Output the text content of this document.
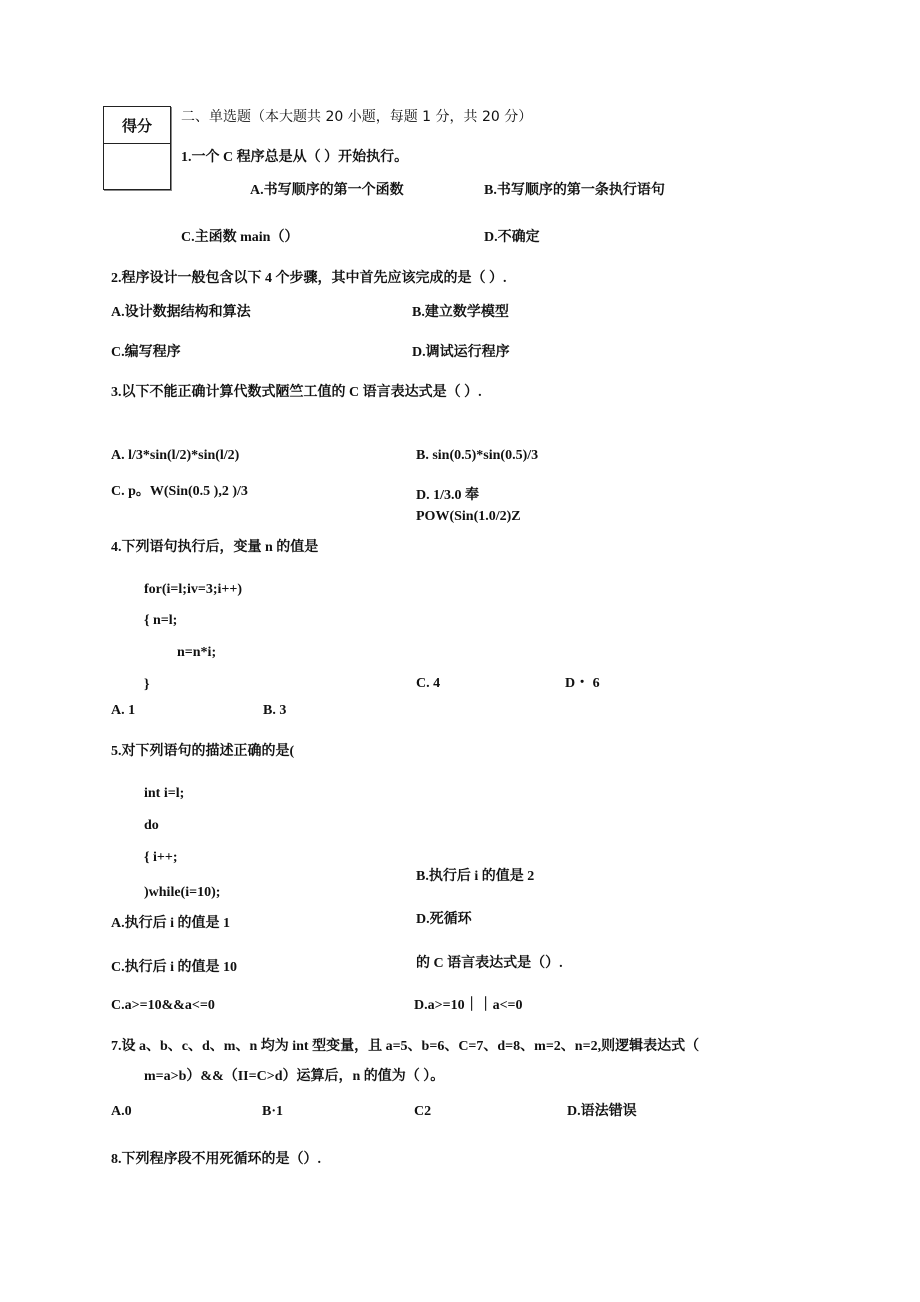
得分	二、单选题（本大题共 20 小题，每题 1 分，共 20 分）
1.一个 C 程序总是从（ ）开始执行。
A.书写顺序的第一个函数	B.书写顺序的第一条执行语句
C.主函数 main（）	D.不确定
2.程序设计一般包含以下 4 个步骤，其中首先应该完成的是（ ）.
A.设计数据结构和算法	B.建立数学模型
C.编写程序	D.调试运行程序
3.以下不能正确计算代数式陋竺工值的 C 语言表达式是（ ）.
A. l/3*sin(l/2)*sin(l/2)	B. sin(0.5)*sin(0.5)/3
C. p。W(Sin(0.5 ),2 )/3	D. 1/3.0 奉
POW(Sin(1.0/2)Z
4.下列语句执行后，变量 n 的值是
for(i=l;iv=3;i++)
{ n=l;
n=n*i;
}	C. 4	D・ 6
A. 1	B. 3
5.对下列语句的描述正确的是(
int i=l;
do
{ i++;
B.执行后 i 的值是 2
)while(i=10);
D.死循环
A.执行后 i 的值是 1
的 C 语言表达式是（）.
C.执行后 i 的值是 10
C.a>=10&&a<=0	D.a>=10｜｜a<=0
7.设 a、b、c、d、m、n 均为 int 型变量，且 a=5、b=6、C=7、d=8、m=2、n=2,则逻辑表达式（
m=a>b）&&（II=C>d）运算后，n 的值为（ ）。
A.0	B·1	C2	D.语法错误
8.下列程序段不用死循环的是（）.
